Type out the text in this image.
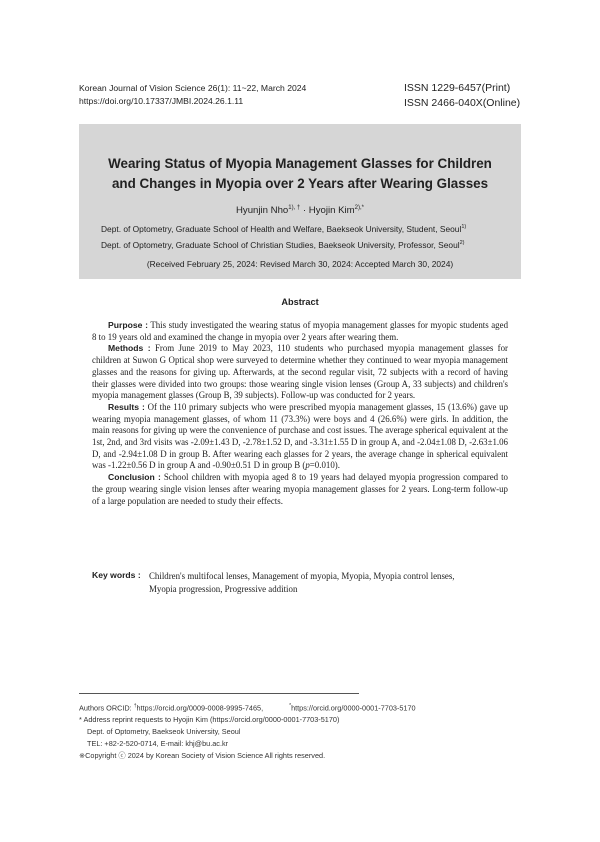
Korean Journal of Vision Science 26(1): 11~22, March 2024
https://doi.org/10.17337/JMBI.2024.26.1.11
ISSN 1229-6457(Print)
ISSN 2466-040X(Online)
Wearing Status of Myopia Management Glasses for Children
and Changes in Myopia over 2 Years after Wearing Glasses
Hyunjin Nho$^{1), \dagger}$ · Hyojin Kim$^{2),*}$
Dept. of Optometry, Graduate School of Health and Welfare, Baekseok University, Student, Seoul$^{1)}$
Dept. of Optometry, Graduate School of Christian Studies, Baekseok University, Professor, Seoul$^{2)}$
(Received February 25, 2024: Revised March 30, 2024: Accepted March 30, 2024)
Abstract

Purpose : This study investigated the wearing status of myopia management glasses for myopic students aged 8 to 19 years old and examined the change in myopia over 2 years after wearing them.

Methods : From June 2019 to May 2023, 110 students who purchased myopia management glasses for children at Suwon G Optical shop were surveyed to determine whether they continued to wear myopia management glasses and the reasons for giving up. Afterwards, at the second regular visit, 72 subjects with a record of having their glasses were divided into two groups: those wearing single vision lenses (Group A, 33 subjects) and children's myopia management glasses (Group B, 39 subjects). Follow-up was conducted for 2 years.

Results : Of the 110 primary subjects who were prescribed myopia management glasses, 15 (13.6%) gave up wearing myopia management glasses, of whom 11 (73.3%) were boys and 4 (26.6%) were girls. In addition, the main reasons for giving up were the convenience of purchase and cost issues. The average spherical equivalent at the 1st, 2nd, and 3rd visits was -2.09±1.43 D, -2.78±1.52 D, and -3.31±1.55 D in group A, and -2.04±1.08 D, -2.63±1.06 D, and -2.94±1.08 D in group B. After wearing each glasses for 2 years, the average change in spherical equivalent was -1.22±0.56 D in group A and -0.90±0.51 D in group B (p=0.010).

Conclusion : School children with myopia aged 8 to 19 years had delayed myopia progression compared to the group wearing single vision lenses after wearing myopia management glasses for 2 years. Long-term follow-up of a large population are needed to study their effects.

Key words : Children's multifocal lenses, Management of myopia, Myopia, Myopia control lenses,
Myopia progression, Progressive addition
Authors ORCID: †https://orcid.org/0009-0008-9995-7465,	*https://orcid.org/0000-0001-7703-5170
* Address reprint requests to Hyojin Kim (https://orcid.org/0000-0001-7703-5170)
Dept. of Optometry, Baekseok University, Seoul
TEL: +82-2-520-0714, E-mail: khj@bu.ac.kr
※Copyright ⓒ 2024 by Korean Society of Vision Science All rights reserved.
